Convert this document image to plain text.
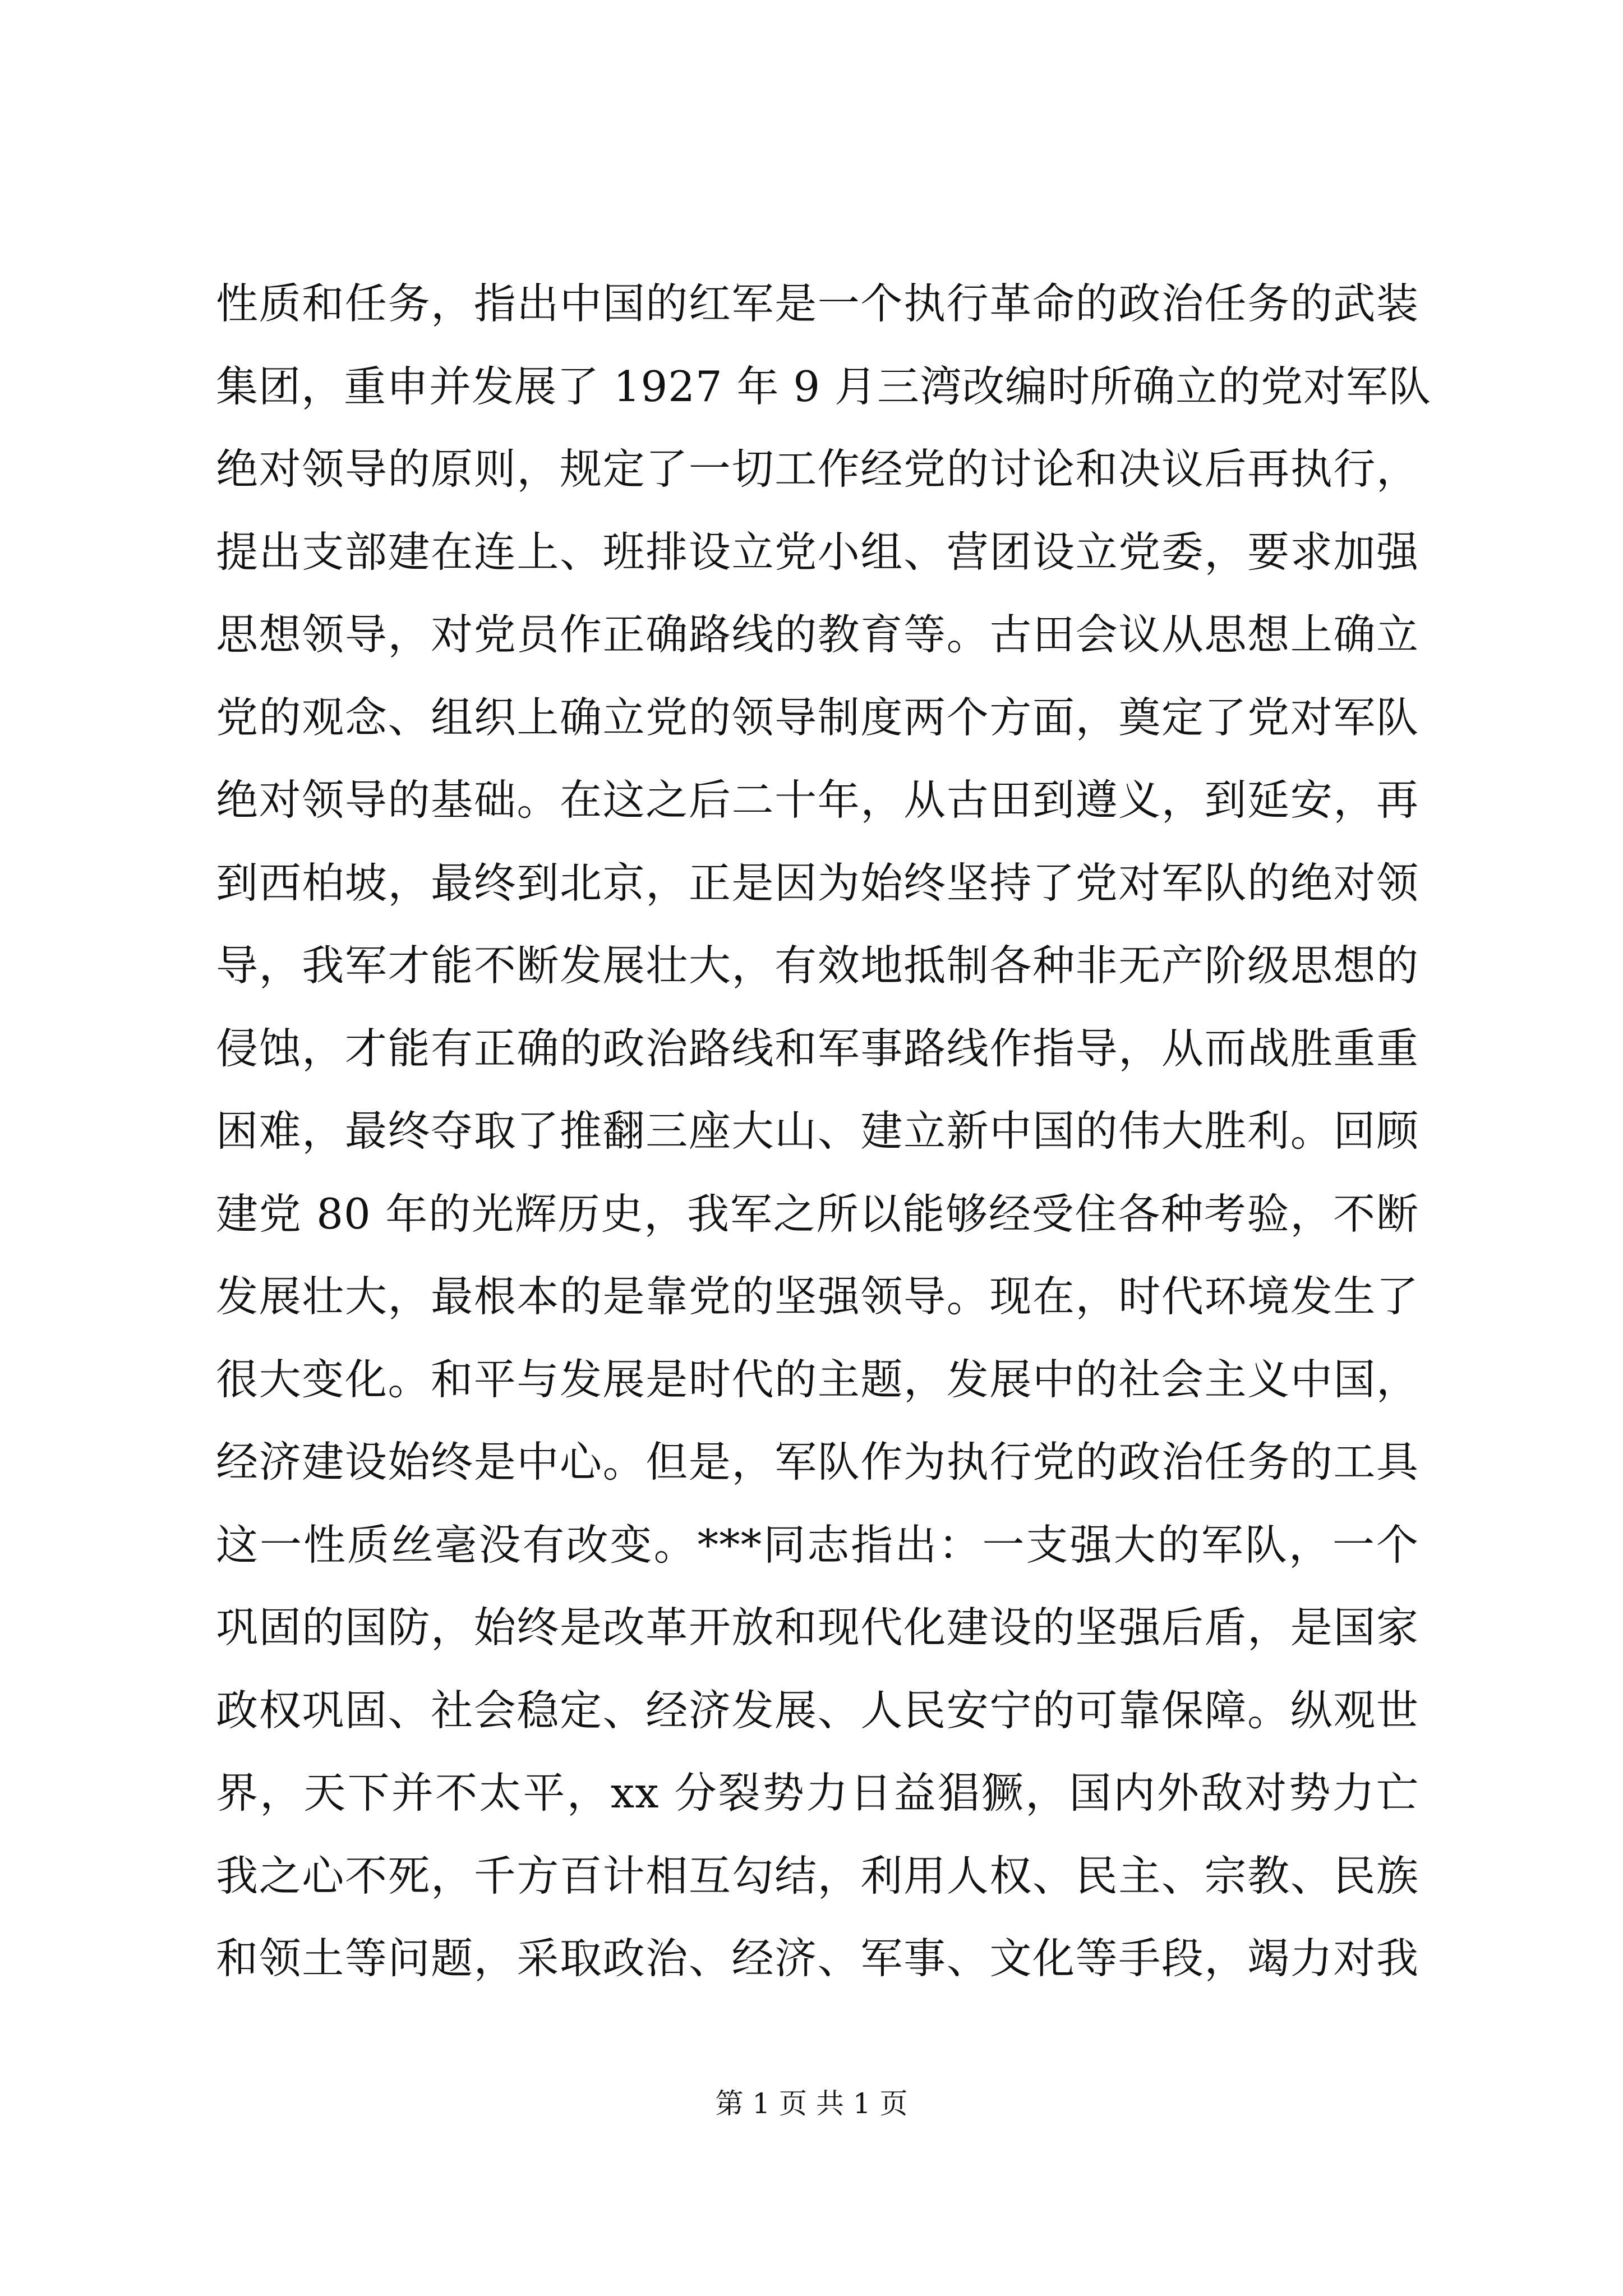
性质和任务，指出中国的红军是一个执行革命的政治任务的武装
集团，重申并发展了 1927 年 9 月三湾改编时所确立的党对军队
绝对领导的原则，规定了一切工作经党的讨论和决议后再执行，
提出支部建在连上、班排设立党小组、营团设立党委，要求加强
思想领导，对党员作正确路线的教育等。古田会议从思想上确立
党的观念、组织上确立党的领导制度两个方面，奠定了党对军队
绝对领导的基础。在这之后二十年，从古田到遵义，到延安，再
到西柏坡，最终到北京，正是因为始终坚持了党对军队的绝对领
导，我军才能不断发展壮大，有效地抵制各种非无产阶级思想的
侵蚀，才能有正确的政治路线和军事路线作指导，从而战胜重重
困难，最终夺取了推翻三座大山、建立新中国的伟大胜利。回顾
建党 80 年的光辉历史，我军之所以能够经受住各种考验，不断
发展壮大，最根本的是靠党的坚强领导。现在，时代环境发生了
很大变化。和平与发展是时代的主题，发展中的社会主义中国，
经济建设始终是中心。但是，军队作为执行党的政治任务的工具
这一性质丝毫没有改变。***同志指出：一支强大的军队，一个
巩固的国防，始终是改革开放和现代化建设的坚强后盾，是国家
政权巩固、社会稳定、经济发展、人民安宁的可靠保障。纵观世
界，天下并不太平，xx 分裂势力日益猖獗，国内外敌对势力亡
我之心不死，千方百计相互勾结，利用人权、民主、宗教、民族
和领土等问题，采取政治、经济、军事、文化等手段，竭力对我
第 1 页 共 1 页
